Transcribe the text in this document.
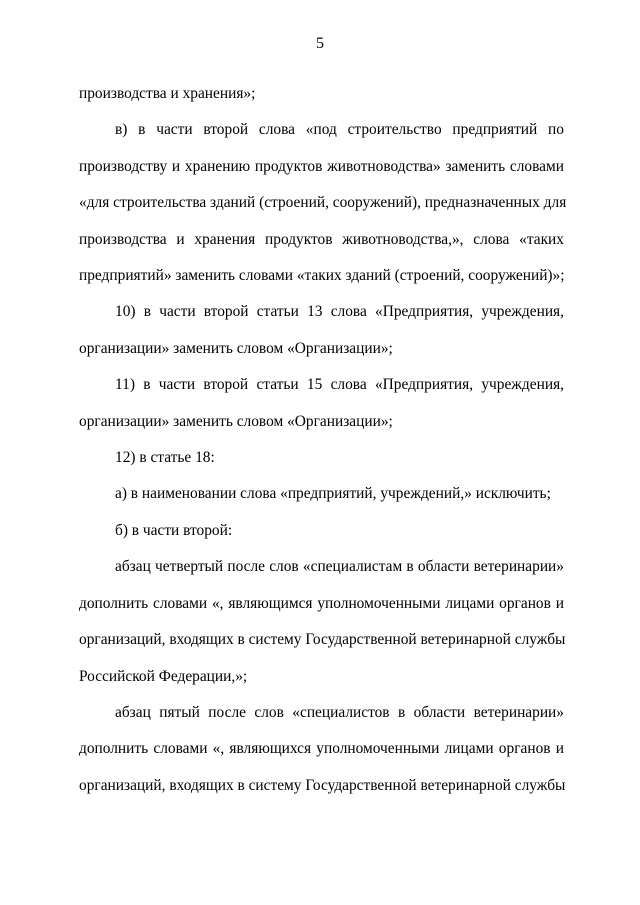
5

производства и хранения»;

в) в части второй слова «под строительство предприятий по

производству и хранению продуктов животноводства» заменить словами

«для строительства зданий (строений, сооружений), предназначенных для

производства и хранения продуктов животноводства,», слова «таких

предприятий» заменить словами «таких зданий (строений, сооружений)»;

10) в части второй статьи 13 слова «Предприятия, учреждения,

организации» заменить словом «Организации»;

11) в части второй статьи 15 слова «Предприятия, учреждения,

организации» заменить словом «Организации»;

12) в статье 18:

а) в наименовании слова «предприятий, учреждений,» исключить;

б) в части второй:

абзац четвертый после слов «специалистам в области ветеринарии»

дополнить словами «, являющимся уполномоченными лицами органов и

организаций, входящих в систему Государственной ветеринарной службы

Российской Федерации,»;

абзац пятый после слов «специалистов в области ветеринарии»

дополнить словами «, являющихся уполномоченными лицами органов и

организаций, входящих в систему Государственной ветеринарной службы
